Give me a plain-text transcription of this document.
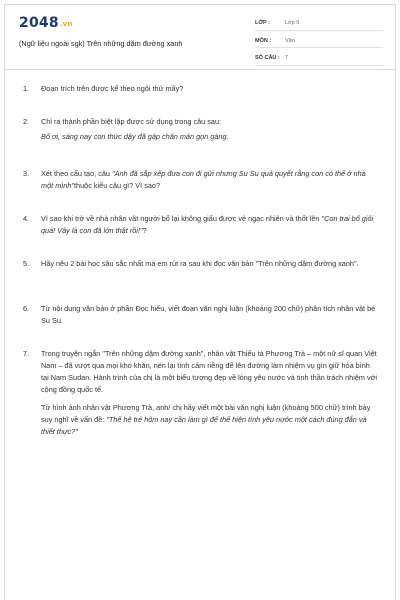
2048.vn
(Ngữ liệu ngoài sgk) Trên những dặm đường xanh
LỚP :	Lớp 9
MÔN :	Văn
SỐ CÂU : 7
1. Đoạn trích trên được kể theo ngôi thứ mấy?

2. Chỉ ra thành phần biệt lập được sử dụng trong câu sau:

Bố ơi, sáng nay con thức dậy đã gặp chăn màn gọn gàng.

3. Xét theo cấu tạo, câu "Anh đã sắp xếp đưa con đi gửi nhưng Su Su quả quyết rằng con có thể ở nhà một mình"thuộc kiểu câu gì? Vì sao?

4. Vì sao khi trở về nhà nhân vật người bố lại không giấu được vẻ ngạc nhiên và thốt lên "Con trai bố giỏi quá! Vậy là con đã lớn thật rồi!"?

5. Hãy nêu 2 bài học sâu sắc nhất mà em rút ra sau khi đọc văn bản "Trên những dặm đường xanh".

6. Từ nội dung văn bản ở phần Đọc hiểu, viết đoạn văn nghị luận (khoảng 200 chữ) phân tích nhân vật bé Su Su.

7. Trong truyện ngắn "Trên những dặm đường xanh", nhân vật Thiếu tá Phương Trà – một nữ sĩ quan Việt Nam – đã vượt qua mọi khó khăn, nén lại tình cảm riêng để lên đường làm nhiệm vụ gìn giữ hòa bình tại Nam Sudan. Hành trình của chị là một biểu tượng đẹp về lòng yêu nước và tinh thần trách nhiệm với cộng đồng quốc tế.

Từ hình ảnh nhân vật Phương Trà, anh/ chị hãy viết một bài văn nghị luận (khoảng 500 chữ) trình bày suy nghĩ về vấn đề: "Thế hệ trẻ hôm nay cần làm gì để thể hiện tình yêu nước một cách đúng đắn và thiết thực?"
